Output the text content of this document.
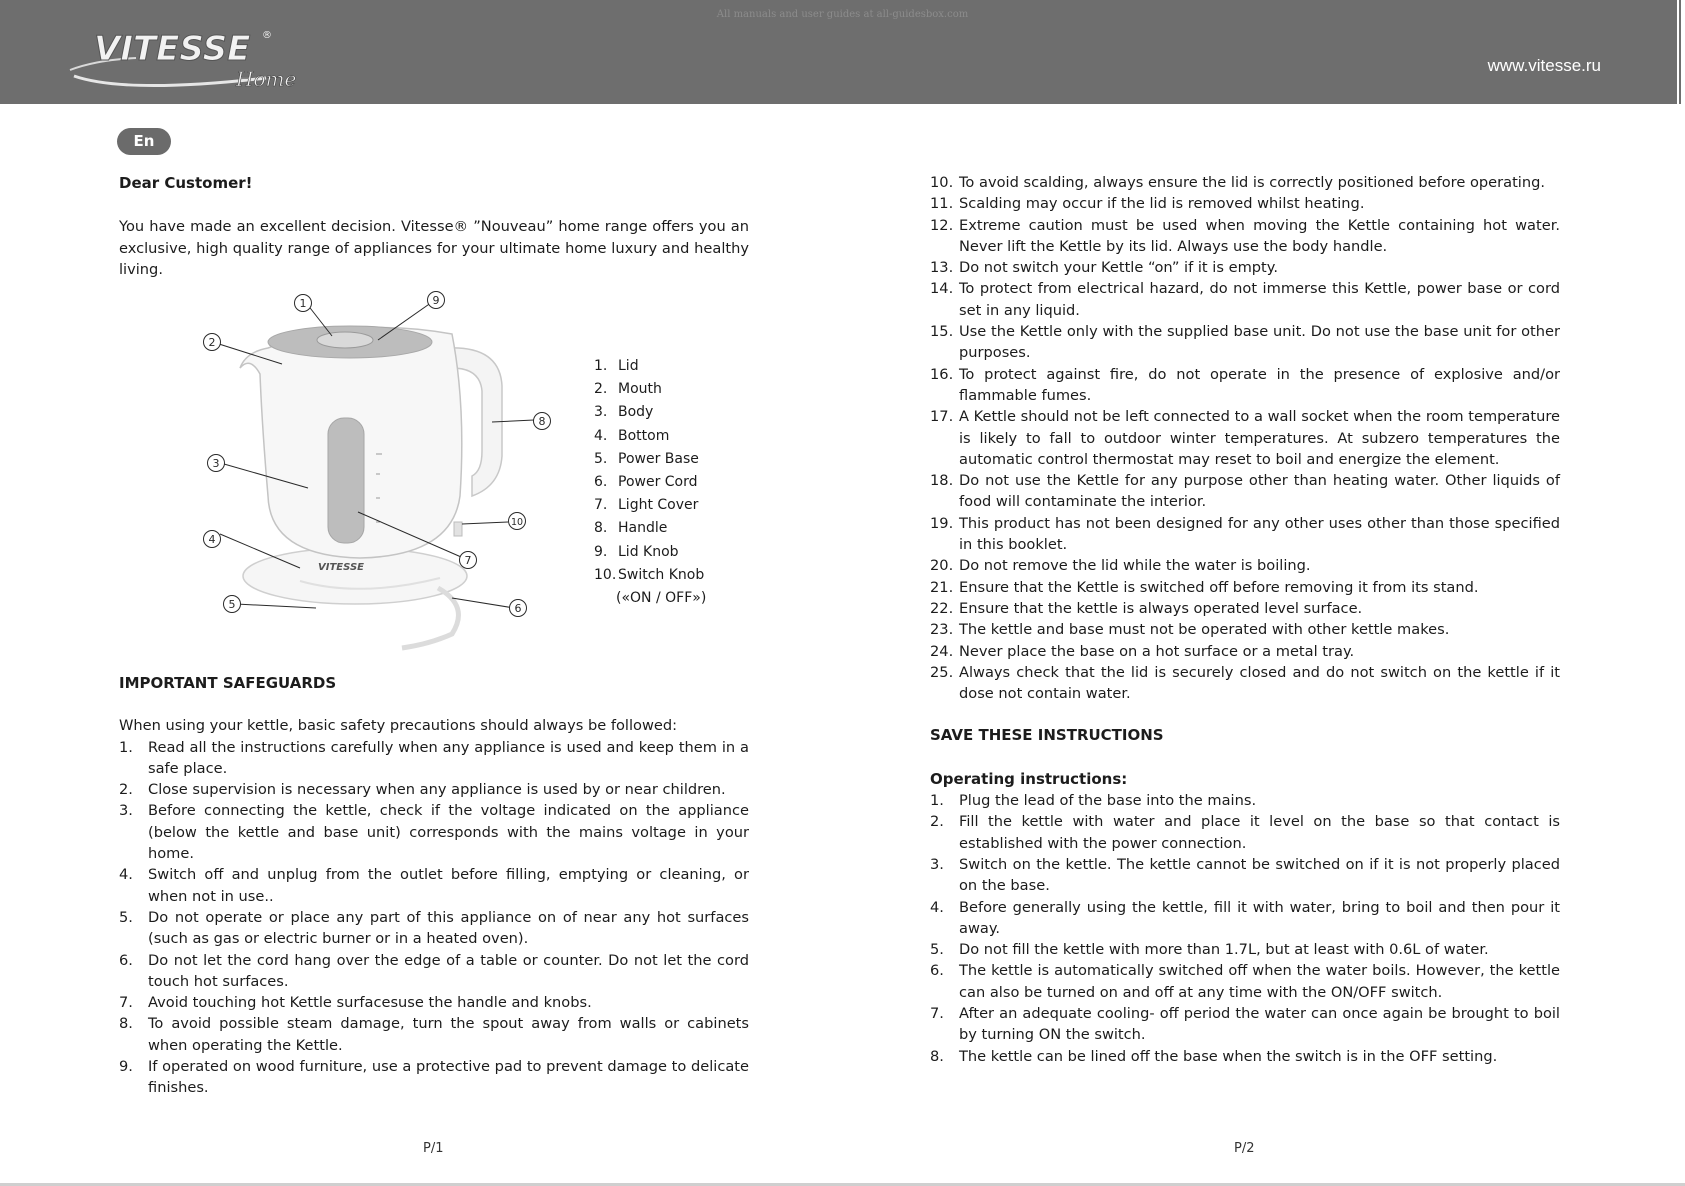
VITESSE ®
Home
www.vitesse.ru
All manuals and user guides at all-guidesbox.com
En

Dear Customer!

You have made an excellent decision. Vitesse® ”Nouveau” home range offers you an exclusive, high quality range of appliances for your ultimate home luxury and healthy living.

VITESSE
1	9
2
8
3
10
4
7
5	6
1. Lid
2. Mouth
3. Body
4. Bottom
5. Power Base
6. Power Cord
7. Light Cover
8. Handle
9. Lid Knob
10. Switch Knob
(«ON / OFF»)

IMPORTANT SAFEGUARDS

When using your kettle, basic safety precautions should always be followed:

1. Read all the instructions carefully when any appliance is used and keep them in a safe place.
2. Close supervision is necessary when any appliance is used by or near children.
3. Before connecting the kettle, check if the voltage indicated on the appliance (below the kettle and base unit) corresponds with the mains voltage in your home.
4. Switch off and unplug from the outlet before filling, emptying or cleaning, or when not in use..
5. Do not operate or place any part of this appliance on of near any hot surfaces (such as gas or electric burner or in a heated oven).
6. Do not let the cord hang over the edge of a table or counter. Do not let the cord touch hot surfaces.
7. Avoid touching hot Kettle surfacesuse the handle and knobs.
8. To avoid possible steam damage, turn the spout away from walls or cabinets when operating the Kettle.
9. If operated on wood furniture, use a protective pad to prevent damage to delicate finishes.
10. To avoid scalding, always ensure the lid is correctly positioned before operating.
11. Scalding may occur if the lid is removed whilst heating.
12. Extreme caution must be used when moving the Kettle containing hot water. Never lift the Kettle by its lid. Always use the body handle.
13. Do not switch your Kettle “on” if it is empty.
14. To protect from electrical hazard, do not immerse this Kettle, power base or cord set in any liquid.
15. Use the Kettle only with the supplied base unit. Do not use the base unit for other purposes.
16. To protect against fire, do not operate in the presence of explosive and/or flammable fumes.
17. A Kettle should not be left connected to a wall socket when the room temperature is likely to fall to outdoor winter temperatures. At subzero temperatures the automatic control thermostat may reset to boil and energize the element.
18. Do not use the Kettle for any purpose other than heating water. Other liquids of food will contaminate the interior.
19. This product has not been designed for any other uses other than those specified in this booklet.
20. Do not remove the lid while the water is boiling.
21. Ensure that the Kettle is switched off before removing it from its stand.
22. Ensure that the kettle is always operated level surface.
23. The kettle and base must not be operated with other kettle makes.
24. Never place the base on a hot surface or a metal tray.
25. Always check that the lid is securely closed and do not switch on the kettle if it dose not contain water.

SAVE THESE INSTRUCTIONS

Operating instructions:

1. Plug the lead of the base into the mains.
2. Fill the kettle with water and place it level on the base so that contact is established with the power connection.
3. Switch on the kettle. The kettle cannot be switched on if it is not properly placed on the base.
4. Before generally using the kettle, fill it with water, bring to boil and then pour it away.
5. Do not fill the kettle with more than 1.7L, but at least with 0.6L of water.
6. The kettle is automatically switched off when the water boils. However, the kettle can also be turned on and off at any time with the ON/OFF switch.
7. After an adequate cooling- off period the water can once again be brought to boil by turning ON the switch.
8. The kettle can be lined off the base when the switch is in the OFF setting.
P/1	P/2
